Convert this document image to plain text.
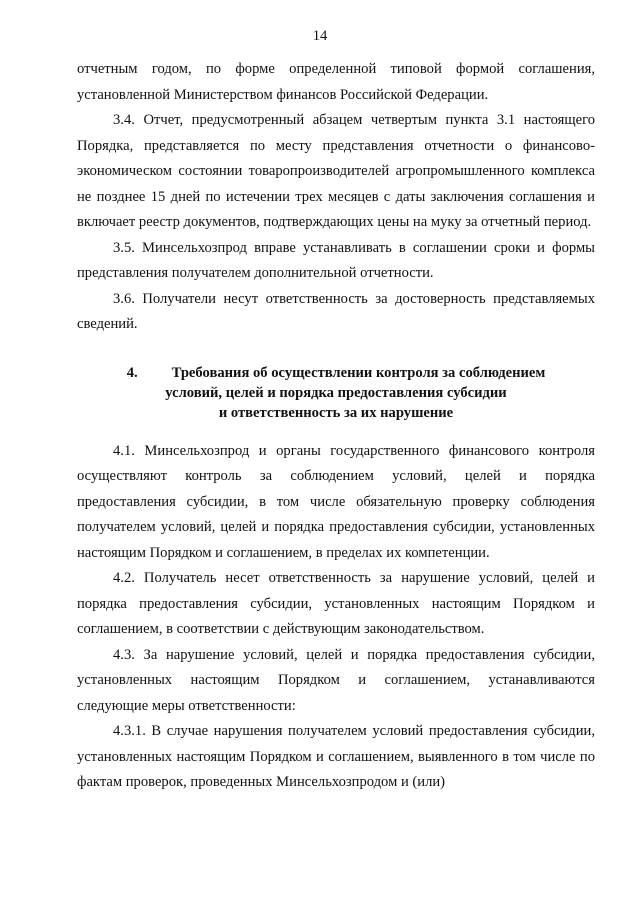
14

отчетным годом, по форме определенной типовой формой соглашения, установленной Министерством финансов Российской Федерации.

3.4. Отчет, предусмотренный абзацем четвертым пункта 3.1 настоящего Порядка, представляется по месту представления отчетности о финансово-экономическом состоянии товаропроизводителей агропромышленного комплекса не позднее 15 дней по истечении трех месяцев с даты заключения соглашения и включает реестр документов, подтверждающих цены на муку за отчетный период.

3.5. Минсельхозпрод вправе устанавливать в соглашении сроки и формы представления получателем дополнительной отчетности.

3.6. Получатели несут ответственность за достоверность представляемых сведений.

4. Требования об осуществлении контроля за соблюдением
условий, целей и порядка предоставления субсидии
и ответственность за их нарушение

4.1. Минсельхозпрод и органы государственного финансового контроля осуществляют контроль за соблюдением условий, целей и порядка предоставления субсидии, в том числе обязательную проверку соблюдения получателем условий, целей и порядка предоставления субсидии, установленных настоящим Порядком и соглашением, в пределах их компетенции.

4.2. Получатель несет ответственность за нарушение условий, целей и порядка предоставления субсидии, установленных настоящим Порядком и соглашением, в соответствии с действующим законодательством.

4.3. За нарушение условий, целей и порядка предоставления субсидии, установленных настоящим Порядком и соглашением, устанавливаются следующие меры ответственности:

4.3.1. В случае нарушения получателем условий предоставления субсидии, установленных настоящим Порядком и соглашением, выявленного в том числе по фактам проверок, проведенных Минсельхозпродом и (или)
